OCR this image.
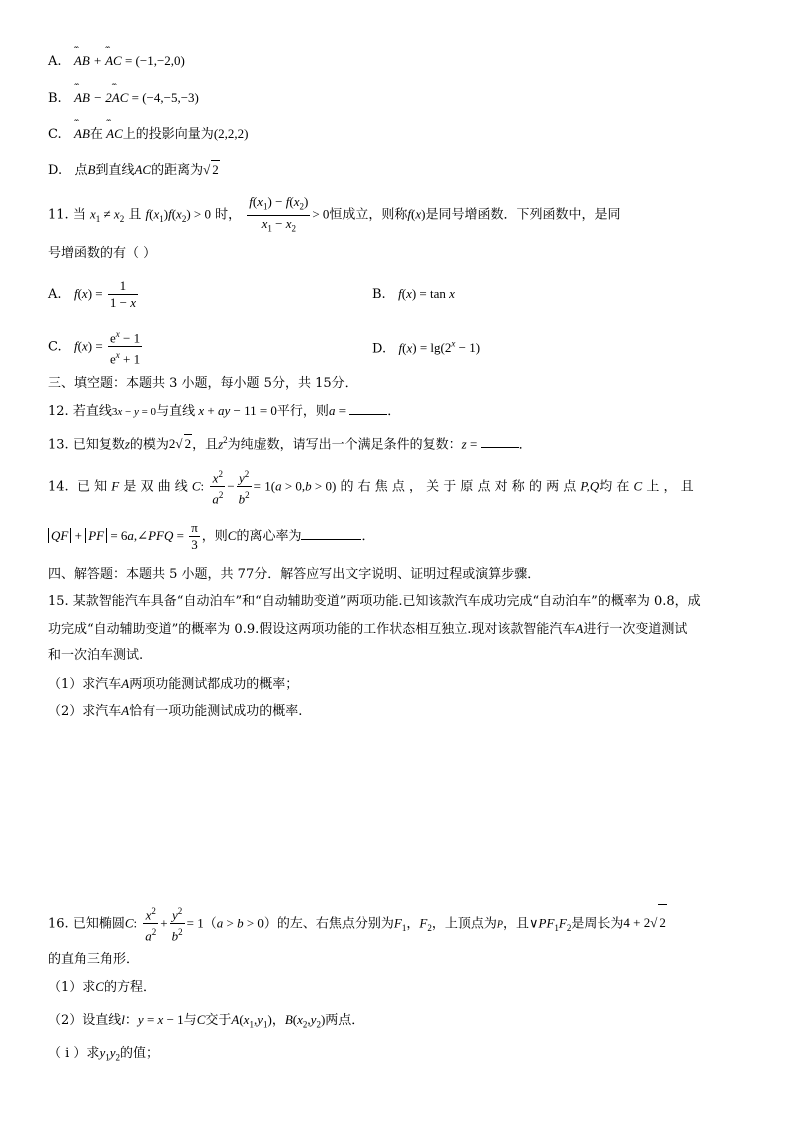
A.   ˆˆ AB + ˆˆ AC = (−1,−2,0)
B.   ˆˆ AB − 2ˆˆ AC = (−4,−5,−3)
C.   ˆˆ AB在 ˆˆ AC上的投影向量为(2,2,2)
D.   点B到直线AC的距离为√ 2
11. 当 $x_1 \ne x_2$ 且 $f(x_1)f(x_2) > 0$ 时， $\frac{f(x_1) - f(x_2)}{x_1 - x_2} > 0$恒成立，则称f(x)是同号增函数．下列函数中，是同
号增函数的有（ ）
A. $f(x) = \frac{1}{1 - x}$	B. f(x) = tan x
C. $f(x) = \frac{e^x - 1}{e^x + 1}$	D. $f(x) = \lg(2^x - 1)$
三、填空题：本题共 3 小题，每小题 5分，共 15分．
12. 若直线3x − y = 0与直线 x + ay − 11 = 0平行，则a =	．
13. 已知复数z的模为2√ 2，且$z^2$为纯虚数，请写出一个满足条件的复数：z =	．
14. 已 知 F 是 双 曲 线 C: $\frac{x^2}{a^2} - \frac{y^2}{b^2} = 1(a > 0,b > 0)$ 的 右 焦 点 ， 关 于 原 点 对 称 的 两 点 P,Q均 在 C 上 ， 且
QF + PF = 6a,∠PFQ = $\frac{\pi}{3}$ ，则C的离心率为	．
四、解答题：本题共 5 小题，共 77分．解答应写出文字说明、证明过程或演算步骤．
15. 某款智能汽车具备“自动泊车”和“自动辅助变道”两项功能.已知该款汽车成功完成“自动泊车”的概率为 0.8，成
功完成“自动辅助变道”的概率为 0.9.假设这两项功能的工作状态相互独立.现对该款智能汽车A进行一次变道测试
和一次泊车测试.
（1）求汽车A两项功能测试都成功的概率；
（2）求汽车A恰有一项功能测试成功的概率.
16. 已知椭圆C: $\frac{x^2}{a^2} + \frac{y^2}{b^2} = 1(a > b > 0)$的左、右焦点分别为$F_1$，$F_2$，上顶点为P，且$\vee PF_1F_2$是周长为4 + 2√ 2
的直角三角形．
（1）求C的方程．
（2）设直线l：y = x − 1与C交于$A(x_1,y_1)$，$B(x_2,y_2)$两点．
（ i ）求$y_1y_2$的值；
